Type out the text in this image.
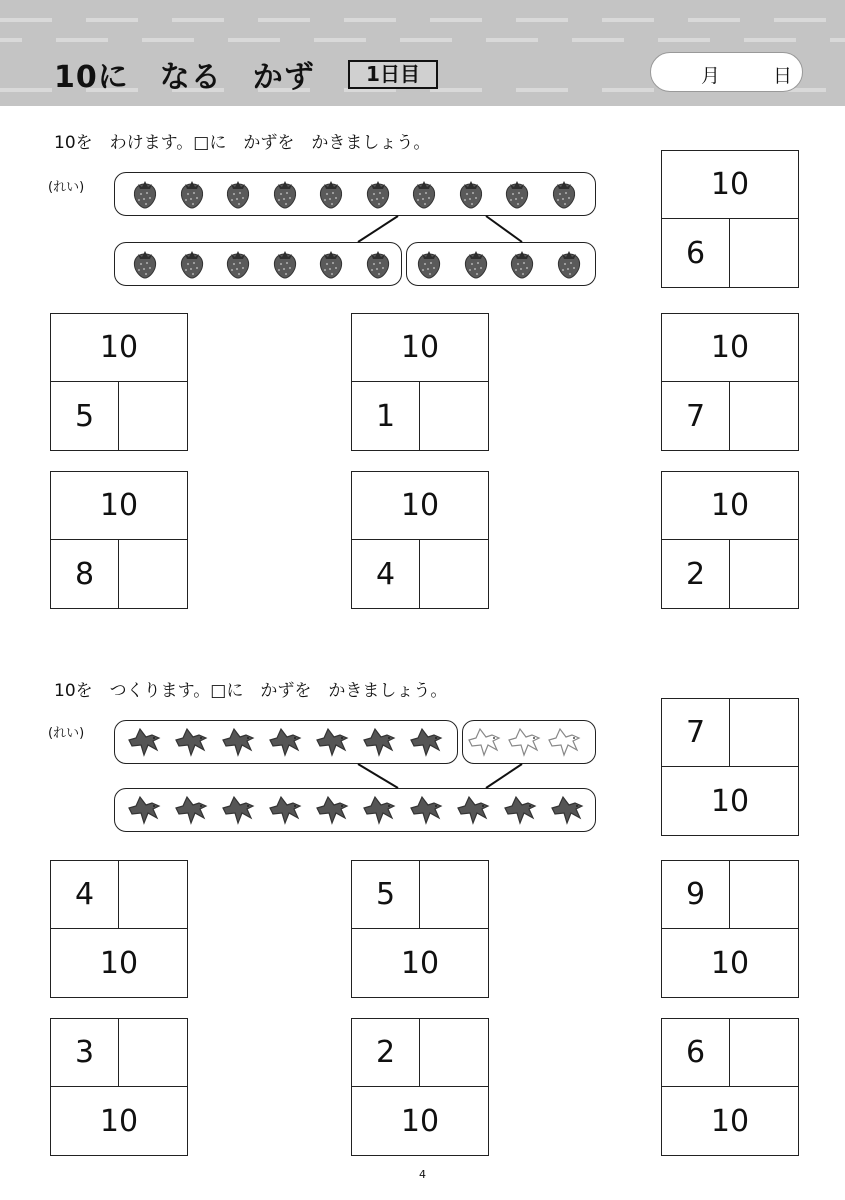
10に　なる　かず	1日目	月	日
10を　わけます。□に　かずを　かきましょう。
(れい)
10を　つくります。□に　かずを　かきましょう。
(れい)
10
6
10
5
10
1
10
7
10
8
10
4
10
2
4
10
5
10
9
10
3
10
2
10
6
10
7
10
4
